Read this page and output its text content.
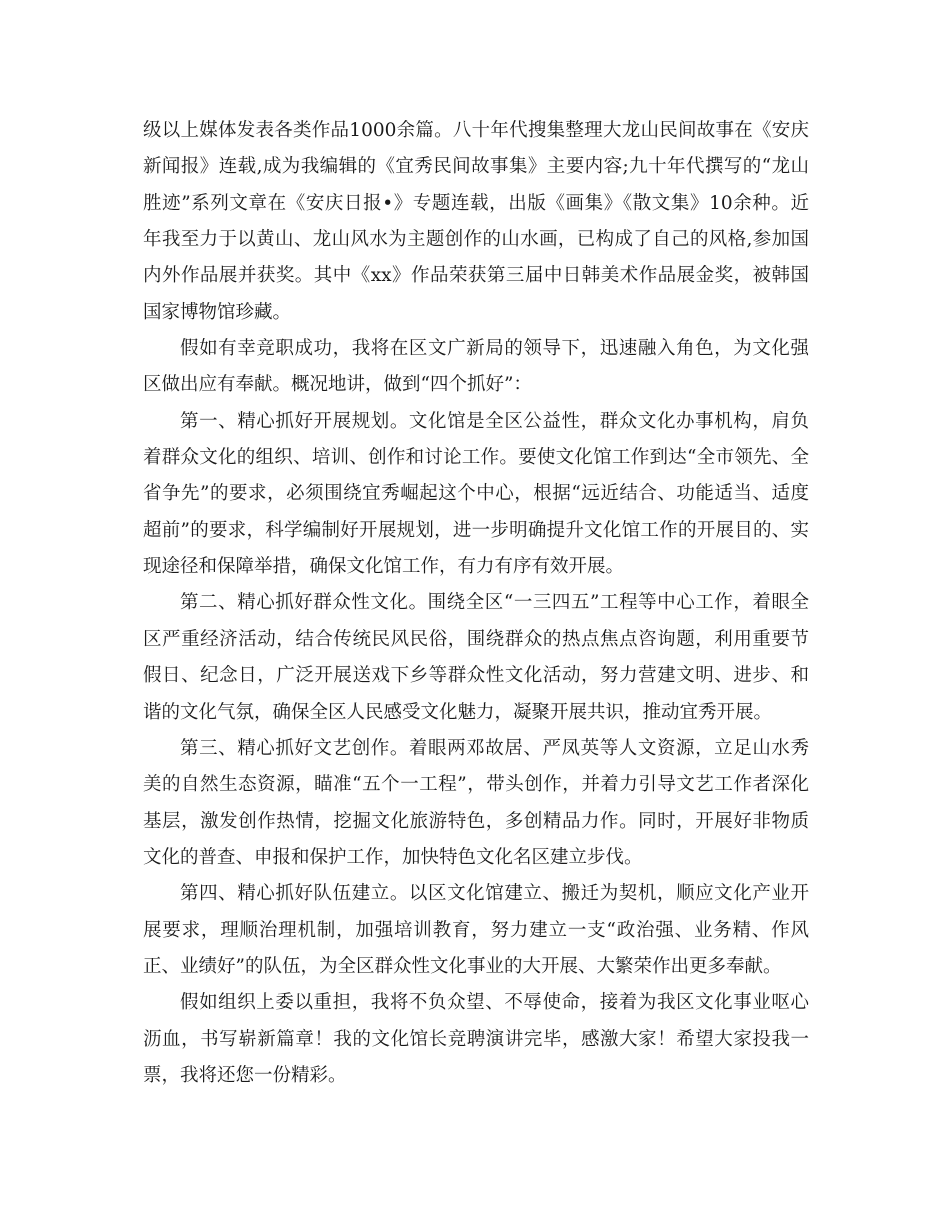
级以上媒体发表各类作品1000余篇。八十年代搜集整理大龙山民间故事在《安庆
新闻报》连载,成为我编辑的《宜秀民间故事集》主要内容;九十年代撰写的“龙山
胜迹”系列文章在《安庆日报•》专题连载，出版《画集》《散文集》10余种。近
年我至力于以黄山、龙山风水为主题创作的山水画，已构成了自己的风格,参加国
内外作品展并获奖。其中《xx》作品荣获第三届中日韩美术作品展金奖，被韩国
国家博物馆珍藏。
假如有幸竞职成功，我将在区文广新局的领导下，迅速融入角色，为文化强
区做出应有奉献。概况地讲，做到“四个抓好”：
第一、精心抓好开展规划。文化馆是全区公益性，群众文化办事机构，肩负
着群众文化的组织、培训、创作和讨论工作。要使文化馆工作到达“全市领先、全
省争先”的要求，必须围绕宜秀崛起这个中心，根据“远近结合、功能适当、适度
超前”的要求，科学编制好开展规划，进一步明确提升文化馆工作的开展目的、实
现途径和保障举措，确保文化馆工作，有力有序有效开展。
第二、精心抓好群众性文化。围绕全区“一三四五”工程等中心工作，着眼全
区严重经济活动，结合传统民风民俗，围绕群众的热点焦点咨询题，利用重要节
假日、纪念日，广泛开展送戏下乡等群众性文化活动，努力营建文明、进步、和
谐的文化气氛，确保全区人民感受文化魅力，凝聚开展共识，推动宜秀开展。
第三、精心抓好文艺创作。着眼两邓故居、严凤英等人文资源，立足山水秀
美的自然生态资源，瞄准“五个一工程”，带头创作，并着力引导文艺工作者深化
基层，激发创作热情，挖掘文化旅游特色，多创精品力作。同时，开展好非物质
文化的普查、申报和保护工作，加快特色文化名区建立步伐。
第四、精心抓好队伍建立。以区文化馆建立、搬迁为契机，顺应文化产业开
展要求，理顺治理机制，加强培训教育，努力建立一支“政治强、业务精、作风
正、业绩好”的队伍，为全区群众性文化事业的大开展、大繁荣作出更多奉献。
假如组织上委以重担，我将不负众望、不辱使命，接着为我区文化事业呕心
沥血，书写崭新篇章！我的文化馆长竞聘演讲完毕，感激大家！希望大家投我一
票，我将还您一份精彩。
